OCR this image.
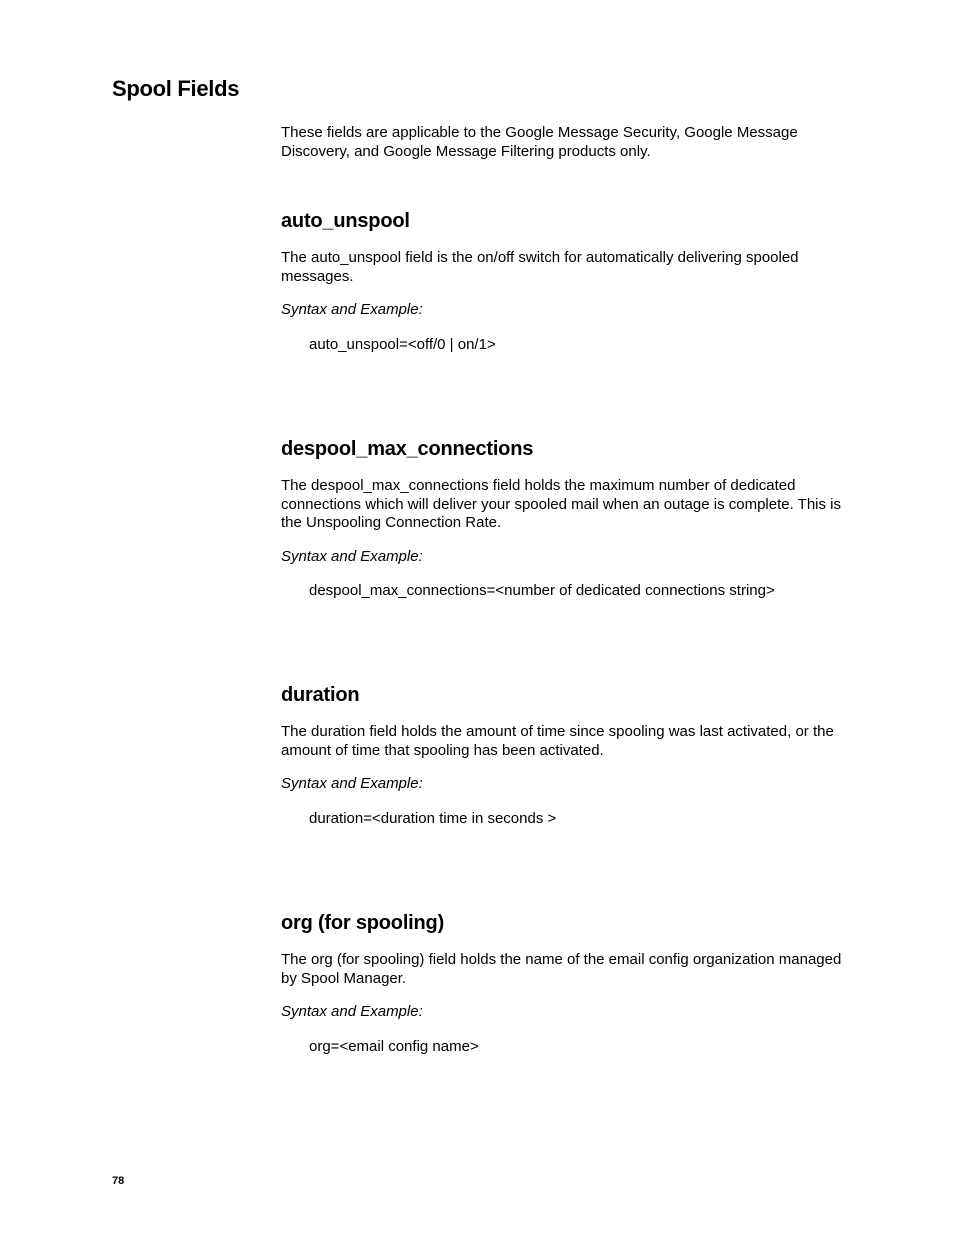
Spool Fields

These fields are applicable to the Google Message Security, Google Message Discovery, and Google Message Filtering products only.

auto_unspool

The auto_unspool field is the on/off switch for automatically delivering spooled messages.

Syntax and Example:

auto_unspool=<off/0 | on/1>

despool_max_connections

The despool_max_connections field holds the maximum number of dedicated connections which will deliver your spooled mail when an outage is complete. This is the Unspooling Connection Rate.

Syntax and Example:

despool_max_connections=<number of dedicated connections string>

duration

The duration field holds the amount of time since spooling was last activated, or the amount of time that spooling has been activated.

Syntax and Example:

duration=<duration time in seconds >

org (for spooling)

The org (for spooling) field holds the name of the email config organization managed by Spool Manager.

Syntax and Example:

org=<email config name>

78
